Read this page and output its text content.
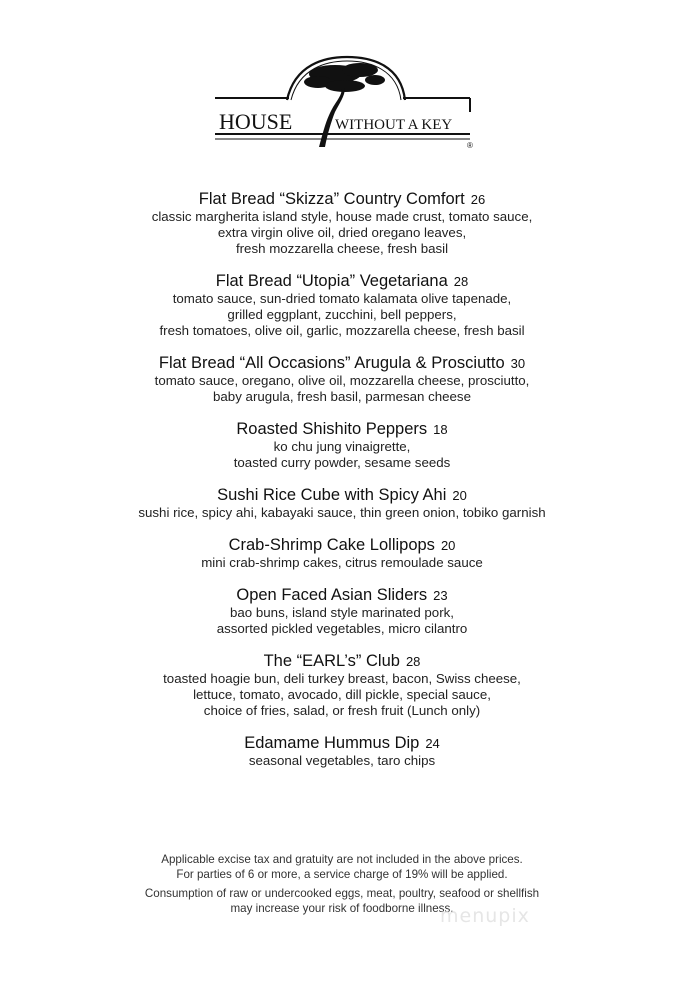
HOUSE	WITHOUT A KEY
®
Flat Bread “Skizza” Country Comfort 26
classic margherita island style, house made crust, tomato sauce,
extra virgin olive oil, dried oregano leaves,
fresh mozzarella cheese, fresh basil
Flat Bread “Utopia” Vegetariana 28
tomato sauce, sun-dried tomato kalamata olive tapenade,
grilled eggplant, zucchini, bell peppers,
fresh tomatoes, olive oil, garlic, mozzarella cheese, fresh basil
Flat Bread “All Occasions” Arugula & Prosciutto 30
tomato sauce, oregano, olive oil, mozzarella cheese, prosciutto,
baby arugula, fresh basil, parmesan cheese
Roasted Shishito Peppers 18
ko chu jung vinaigrette,
toasted curry powder, sesame seeds
Sushi Rice Cube with Spicy Ahi 20
sushi rice, spicy ahi, kabayaki sauce, thin green onion, tobiko garnish
Crab-Shrimp Cake Lollipops 20
mini crab-shrimp cakes, citrus remoulade sauce
Open Faced Asian Sliders 23
bao buns, island style marinated pork,
assorted pickled vegetables, micro cilantro
The “EARL’s” Club 28
toasted hoagie bun, deli turkey breast, bacon, Swiss cheese,
lettuce, tomato, avocado, dill pickle, special sauce,
choice of fries, salad, or fresh fruit (Lunch only)
Edamame Hummus Dip 24
seasonal vegetables, taro chips
Applicable excise tax and gratuity are not included in the above prices.
For parties of 6 or more, a service charge of 19% will be applied.
Consumption of raw or undercooked eggs, meat, poultry, seafood or shellfish
may increase your risk of foodborne illness.
menupix
